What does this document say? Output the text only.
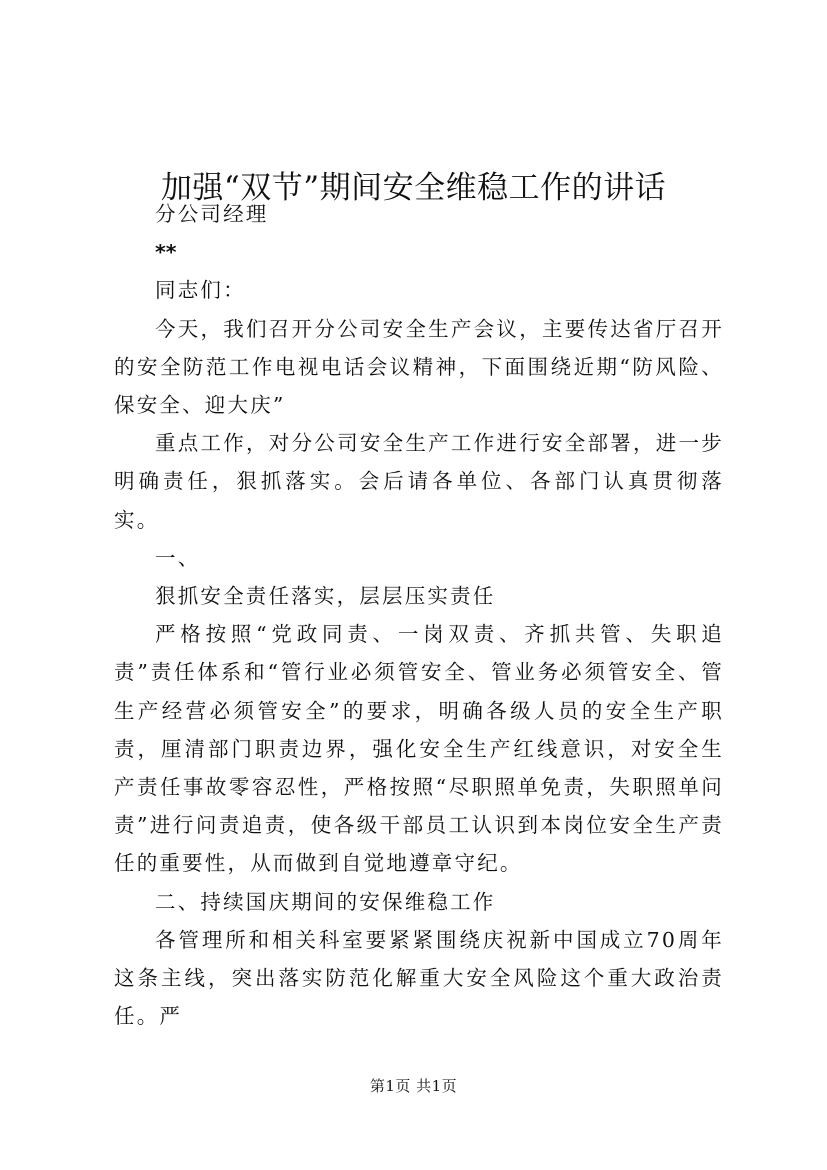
加强“双节”期间安全维稳工作的讲话

分公司经理

**

同志们：

今天，我们召开分公司安全生产会议，主要传达省厅召开的安全防范工作电视电话会议精神，下面围绕近期“防风险、保安全、迎大庆”

重点工作，对分公司安全生产工作进行安全部署，进一步明确责任，狠抓落实。会后请各单位、各部门认真贯彻落实。

一、

狠抓安全责任落实，层层压实责任

严格按照“党政同责、一岗双责、齐抓共管、失职追责”责任体系和“管行业必须管安全、管业务必须管安全、管生产经营必须管安全”的要求，明确各级人员的安全生产职责，厘清部门职责边界，强化安全生产红线意识，对安全生产责任事故零容忍性，严格按照“尽职照单免责，失职照单问责”进行问责追责，使各级干部员工认识到本岗位安全生产责任的重要性，从而做到自觉地遵章守纪。

二、持续国庆期间的安保维稳工作

各管理所和相关科室要紧紧围绕庆祝新中国成立70周年这条主线，突出落实防范化解重大安全风险这个重大政治责任。严

第1页 共1页
